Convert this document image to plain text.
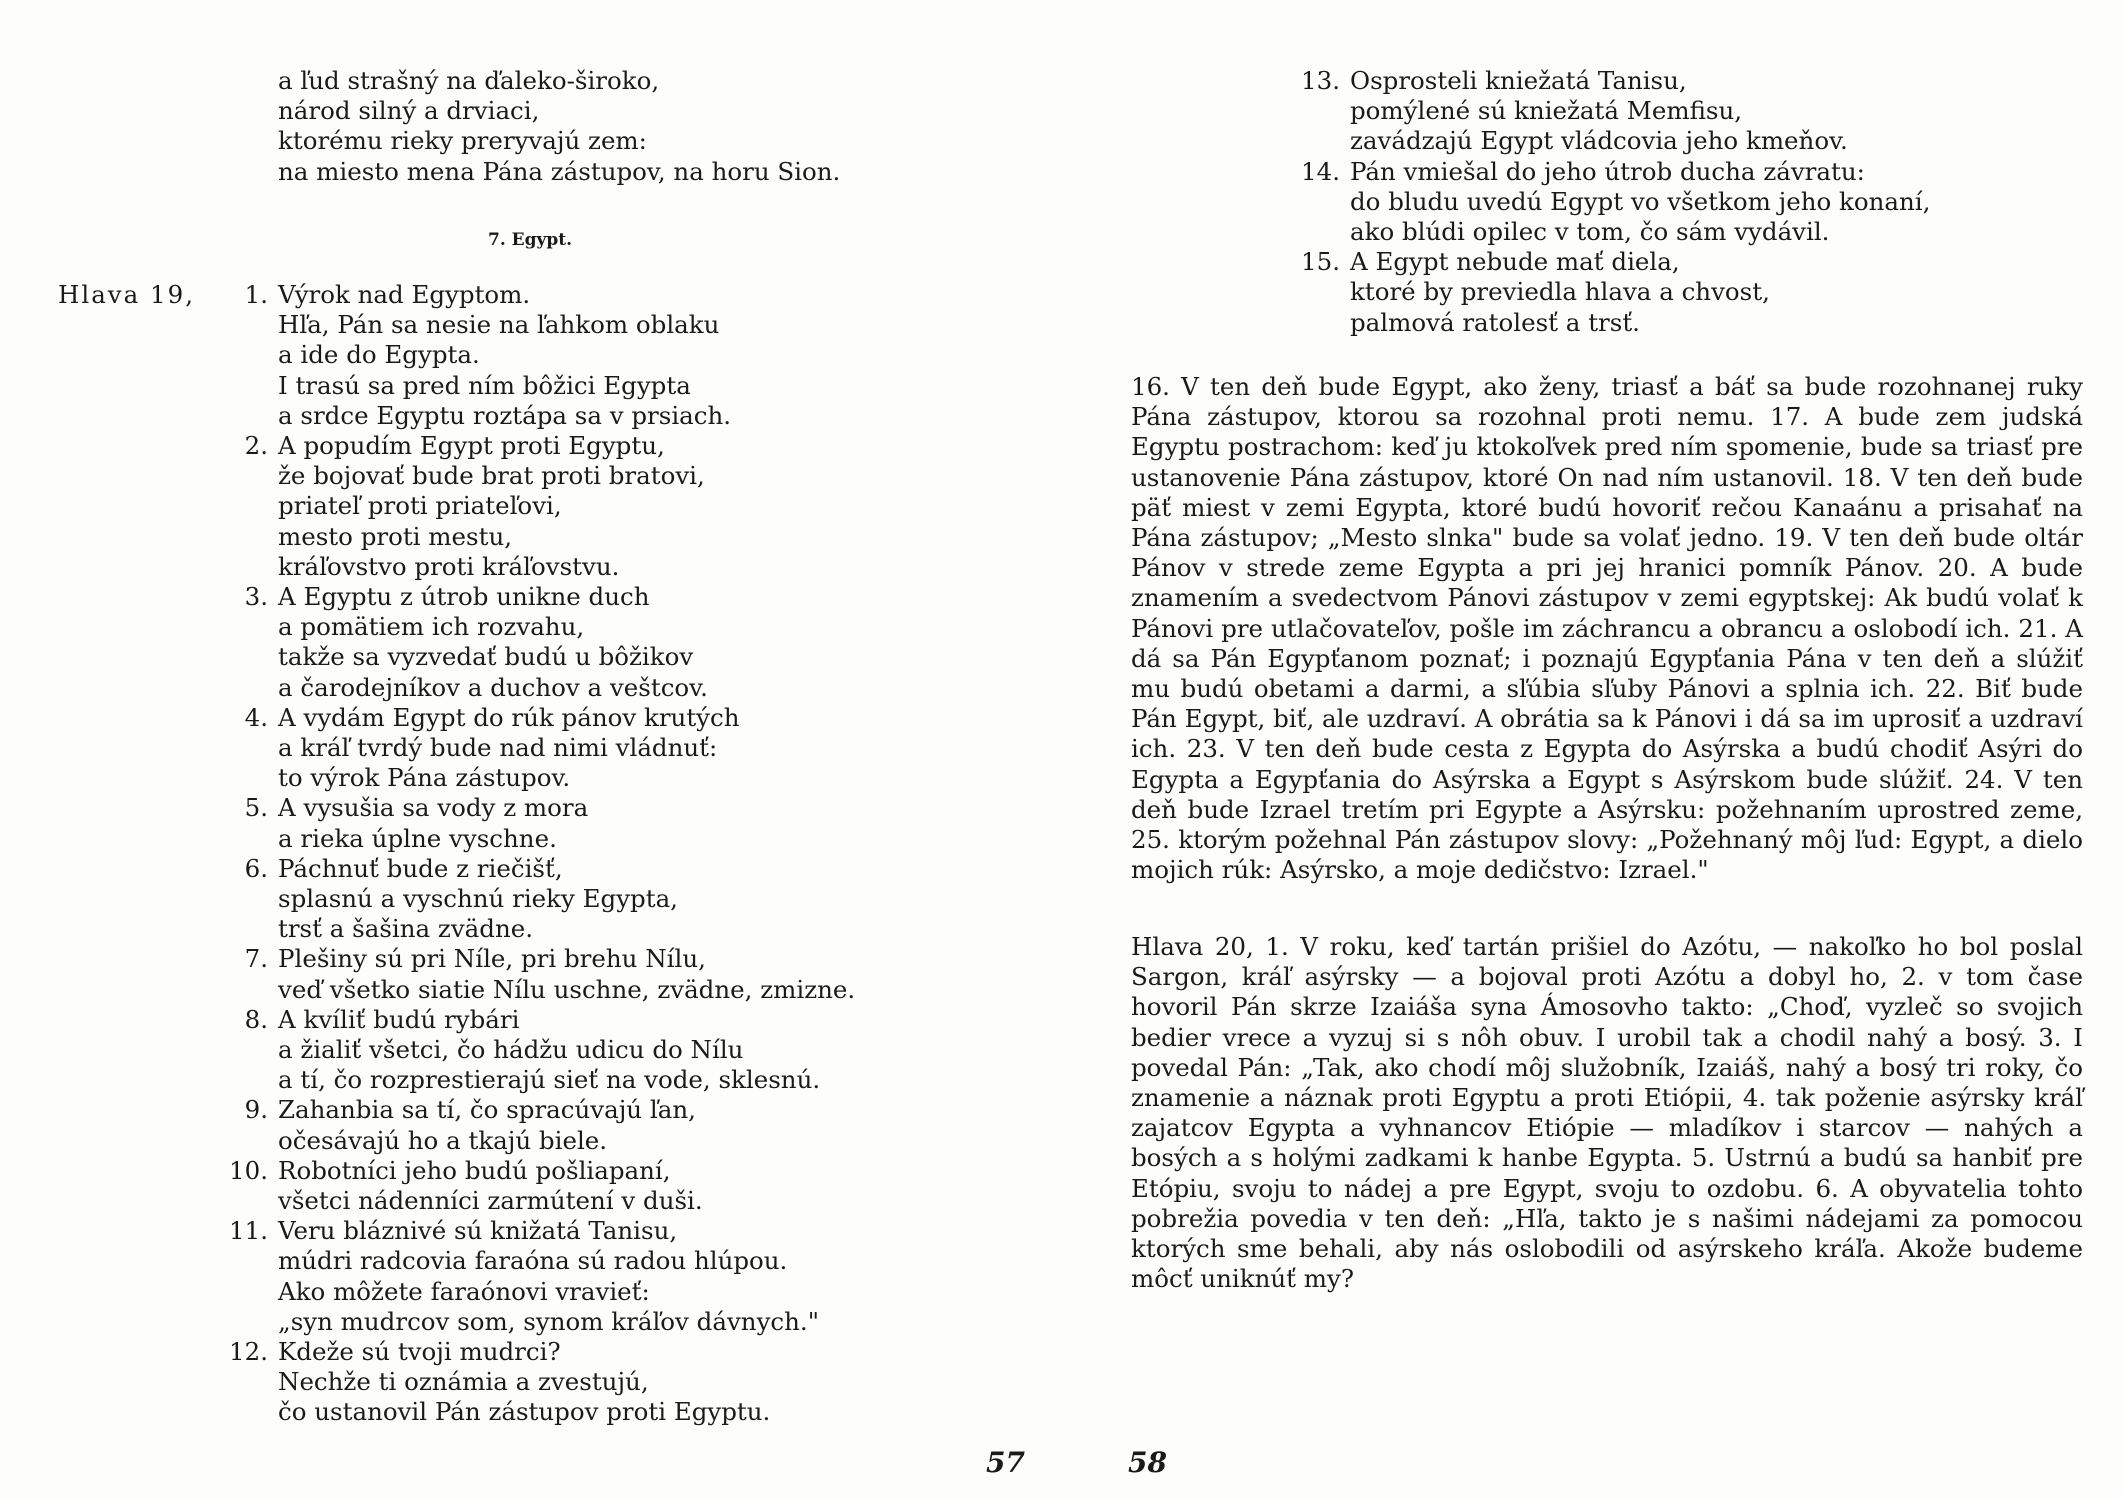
a ľud strašný na ďaleko-široko,
národ silný a drviaci,
ktorému rieky preryvajú zem:
na miesto mena Pána zástupov, na horu Sion.
7. Egypt.
Hlava 19,	1. Výrok nad Egyptom.
Hľa, Pán sa nesie na ľahkom oblaku
a ide do Egypta.
I trasú sa pred ním bôžici Egypta
a srdce Egyptu roztápa sa v prsiach.
2. A popudím Egypt proti Egyptu,
že bojovať bude brat proti bratovi,
priateľ proti priateľovi,
mesto proti mestu,
kráľovstvo proti kráľovstvu.
3. A Egyptu z útrob unikne duch
a pomätiem ich rozvahu,
takže sa vyzvedať budú u bôžikov
a čarodejníkov a duchov a veštcov.
4. A vydám Egypt do rúk pánov krutých
a kráľ tvrdý bude nad nimi vládnuť:
to výrok Pána zástupov.
5. A vysušia sa vody z mora
a rieka úplne vyschne.
6. Páchnuť bude z riečišť,
splasnú a vyschnú rieky Egypta,
trsť a šašina zvädne.
7. Plešiny sú pri Níle, pri brehu Nílu,
veď všetko siatie Nílu uschne, zvädne, zmizne.
8. A kvíliť budú rybári
a žialiť všetci, čo hádžu udicu do Nílu
a tí, čo rozprestierajú sieť na vode, sklesnú.
9. Zahanbia sa tí, čo spracúvajú ľan,
očesávajú ho a tkajú biele.
10. Robotníci jeho budú pošliapaní,
všetci nádenníci zarmútení v duši.
11. Veru bláznivé sú knižatá Tanisu,
múdri radcovia faraóna sú radou hlúpou.
Ako môžete faraónovi vravieť:
„syn mudrcov som, synom kráľov dávnych."
12. Kdeže sú tvoji mudrci?
Nechže ti oznámia a zvestujú,
čo ustanovil Pán zástupov proti Egyptu.
57
13. Osprosteli kniežatá Tanisu,
pomýlené sú kniežatá Memfisu,
zavádzajú Egypt vládcovia jeho kmeňov.
14. Pán vmiešal do jeho útrob ducha závratu:
do bludu uvedú Egypt vo všetkom jeho konaní,
ako blúdi opilec v tom, čo sám vydávil.
15. A Egypt nebude mať diela,
ktoré by previedla hlava a chvost,
palmová ratolesť a trsť.

16. V ten deň bude Egypt, ako ženy, triasť a báť sa bude rozohnanej ruky Pána zástupov, ktorou sa rozohnal proti nemu. 17. A bude zem judská Egyptu postrachom: keď ju ktokoľvek pred ním spomenie, bude sa triasť pre ustanovenie Pána zástupov, ktoré On nad ním ustanovil. 18. V ten deň bude päť miest v zemi Egypta, ktoré budú hovoriť rečou Kanaánu a prisahať na Pána zástupov; „Mesto slnka" bude sa volať jedno. 19. V ten deň bude oltár Pánov v strede zeme Egypta a pri jej hranici pomník Pánov. 20. A bude znamením a svedectvom Pánovi zástupov v zemi egyptskej: Ak budú volať k Pánovi pre utlačovateľov, pošle im záchrancu a obrancu a oslobodí ich. 21. A dá sa Pán Egypťanom poznať; i poznajú Egypťania Pána v ten deň a slúžiť mu budú obetami a darmi, a sľúbia sľuby Pánovi a splnia ich. 22. Biť bude Pán Egypt, biť, ale uzdraví. A obrátia sa k Pánovi i dá sa im uprosiť a uzdraví ich. 23. V ten deň bude cesta z Egypta do Asýrska a budú chodiť Asýri do Egypta a Egypťania do Asýrska a Egypt s Asýrskom bude slúžiť. 24. V ten deň bude Izrael tretím pri Egypte a Asýrsku: požehnaním uprostred zeme, 25. ktorým požehnal Pán zástupov slovy: „Požehnaný môj ľud: Egypt, a dielo mojich rúk: Asýrsko, a moje dedičstvo: Izrael."

Hlava 20, 1. V roku, keď tartán prišiel do Azótu, — nakoľko ho bol poslal Sargon, kráľ asýrsky — a bojoval proti Azótu a dobyl ho, 2. v tom čase hovoril Pán skrze Izaiáša syna Ámosovho takto: „Choď, vyzleč so svojich bedier vrece a vyzuj si s nôh obuv. I urobil tak a chodil nahý a bosý. 3. I povedal Pán: „Tak, ako chodí môj služobník, Izaiáš, nahý a bosý tri roky, čo znamenie a náznak proti Egyptu a proti Etiópii, 4. tak poženie asýrsky kráľ zajatcov Egypta a vyhnancov Etiópie — mladíkov i starcov — nahých a bosých a s holými zadkami k hanbe Egypta. 5. Ustrnú a budú sa hanbiť pre Etópiu, svoju to nádej a pre Egypt, svoju to ozdobu. 6. A obyvatelia tohto pobrežia povedia v ten deň: „Hľa, takto je s našimi nádejami za pomocou ktorých sme behali, aby nás oslobodili od asýrskeho kráľa. Akože budeme môcť uniknúť my?

58
